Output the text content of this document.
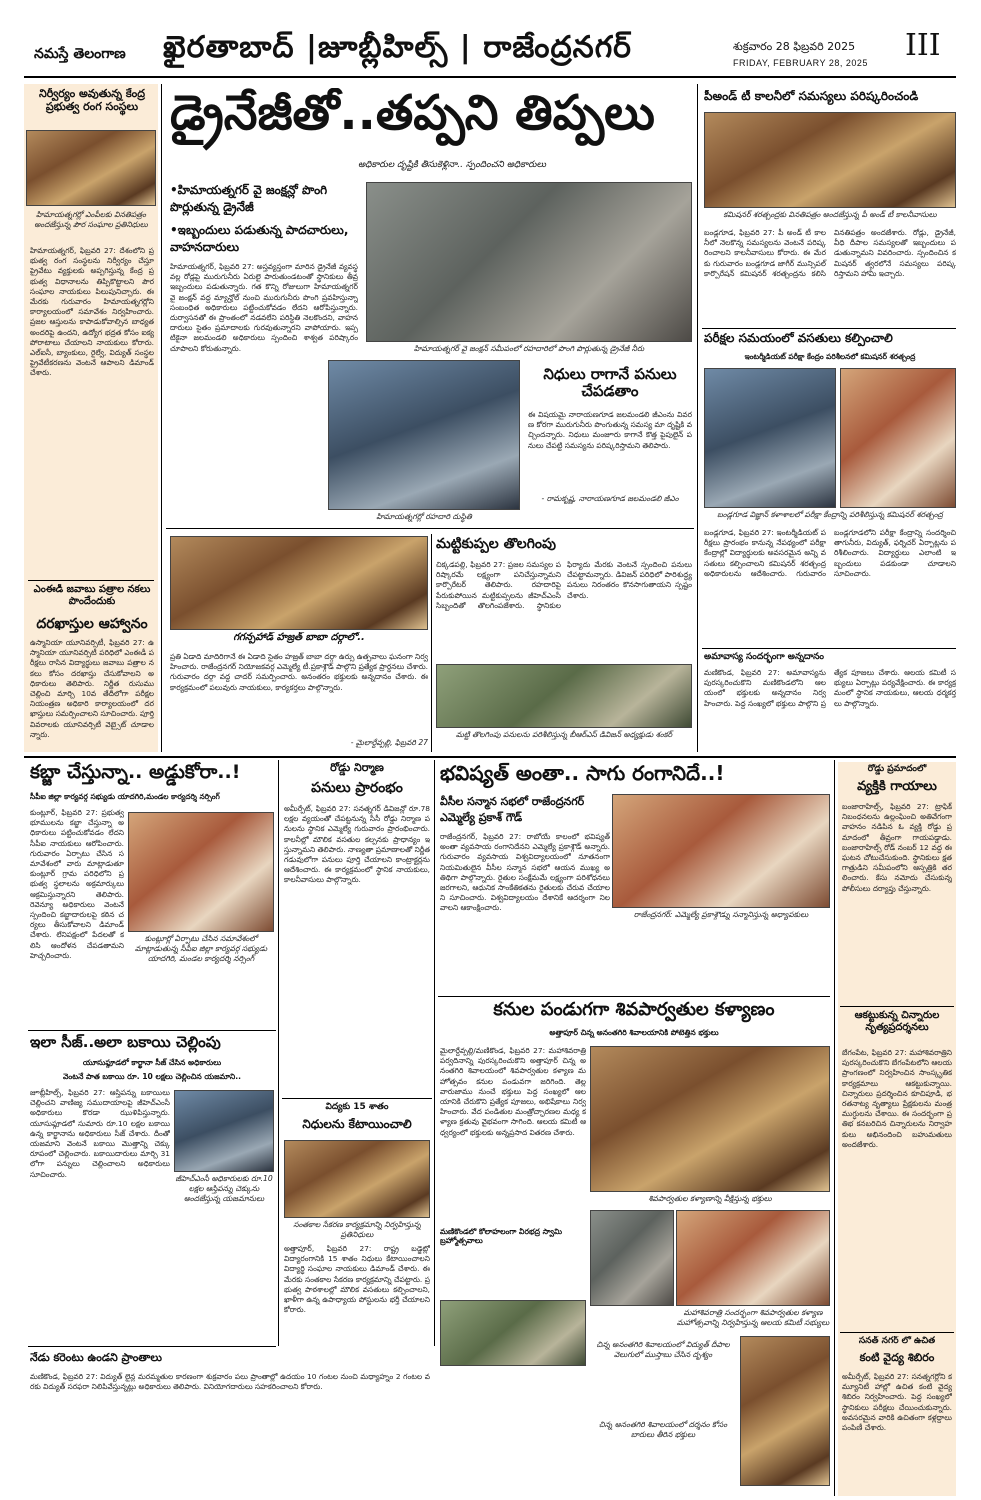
నమస్తే తెలంగాణ	ఖైరతాబాద్ |జూబ్లీహిల్స్ | రాజేంద్రనగర్	శుక్రవారం 28 ఫిబ్రవరి 2025
FRIDAY, FEBRUARY 28, 2025	III
నిర్వీర్యం అవుతున్న కేంద్ర ప్రభుత్వ రంగ సంస్థలు
హిమాయత్నగర్లో ఎంపీలకు వినతిపత్రం అందజేస్తున్న పౌర సంఘాల ప్రతినిధులు
హిమాయత్నగర్, ఫిబ్రవరి 27: దేశంలోని ప్రభుత్వ రంగ సంస్థలను నిర్వీర్యం చేస్తూ ప్రైవేటు వ్యక్తులకు అప్పగిస్తున్న కేంద్ర ప్రభుత్వ విధానాలను తిప్పికొట్టాలని పౌర సంఘాల నాయకులు పిలుపునిచ్చారు. ఈ మేరకు గురువారం హిమాయత్నగర్లోని కార్యాలయంలో సమావేశం నిర్వహించారు. ప్రజల ఆస్తులను కాపాడుకోవాల్సిన బాధ్యత అందరిపై ఉందని, ఉద్యోగ భద్రత కోసం ఐక్య పోరాటాలు చేయాలని నాయకులు కోరారు. ఎల్ఐసీ, బ్యాంకులు, రైల్వే, విద్యుత్ సంస్థల ప్రైవేటీకరణను వెంటనే ఆపాలని డిమాండ్ చేశారు.
ఎంఈడీ జవాబు పత్రాల నకలు పొందేందుకు
దరఖాస్తుల ఆహ్వానం
ఉస్మానియా యూనివర్సిటీ, ఫిబ్రవరి 27: ఉస్మానియా యూనివర్సిటీ పరిధిలో ఎంఈడీ పరీక్షలు రాసిన విద్యార్థులు జవాబు పత్రాల నకలు కోసం దరఖాస్తు చేసుకోవాలని అధికారులు తెలిపారు. నిర్ణీత రుసుము చెల్లించి మార్చి 10వ తేదీలోగా పరీక్షల నియంత్రణ అధికారి కార్యాలయంలో దరఖాస్తులు సమర్పించాలని సూచించారు. పూర్తి వివరాలకు యూనివర్సిటీ వెబ్సైట్ చూడాలన్నారు.
డ్రైనేజీతో..తప్పని తిప్పలు
అధికారుల దృష్టికి తీసుకెళ్లినా.. స్పందించని అధికారులు
•హిమాయత్నగర్ వై జంక్షన్లో పొంగి పొర్లుతున్న డ్రైనేజీ
•ఇబ్బందులు పడుతున్న పాదచారులు, వాహనదారులు
హిమాయత్నగర్, ఫిబ్రవరి 27: అస్తవ్యస్తంగా మారిన డ్రైనేజీ వ్యవస్థ వల్ల రోడ్లపై మురుగునీరు ఏరులై పారుతుండటంతో స్థానికులు తీవ్ర ఇబ్బందులు పడుతున్నారు. గత కొన్ని రోజులుగా హిమాయత్నగర్ వై జంక్షన్ వద్ద మ్యాన్హోల్ నుంచి మురుగునీరు పొంగి ప్రవహిస్తున్నా సంబంధిత అధికారులు పట్టించుకోవడం లేదని ఆరోపిస్తున్నారు. దుర్వాసనతో ఈ ప్రాంతంలో నడవలేని పరిస్థితి నెలకొందని, వాహనదారులు సైతం ప్రమాదాలకు గురవుతున్నారని వాపోయారు. ఇప్పటికైనా జలమండలి అధికారులు స్పందించి శాశ్వత పరిష్కారం చూపాలని కోరుతున్నారు.	హిమాయత్నగర్ వై జంక్షన్ సమీపంలో రహదారిలో పొంగి పొర్లుతున్న డ్రైనేజీ నీరు
హిమాయత్నగర్లో రహదారి దుస్థితి
నిధులు రాగానే పనులు చేపడతాం
ఈ విషయమై నారాయణగూడ జలమండలి జీఎంను వివరణ కోరగా మురుగునీరు పొంగుతున్న సమస్య మా దృష్టికి వచ్చిందన్నారు. నిధులు మంజూరు కాగానే కొత్త పైపులైన్ పనులు చేపట్టి సమస్యను పరిష్కరిస్తామని తెలిపారు.
- రామకృష్ణ, నారాయణగూడ జలమండలి జీఎం
పీఅండ్ టీ కాలనీలో సమస్యలు పరిష్కరించండి
కమిషనర్ శరత్చంద్రకు వినతిపత్రం అందజేస్తున్న పీ అండ్ టీ కాలనీవాసులు
బండ్లగూడ, ఫిబ్రవరి 27: పీ అండ్ టీ కాలనీలో నెలకొన్న సమస్యలను వెంటనే పరిష్కరించాలని కాలనీవాసులు కోరారు. ఈ మేరకు గురువారం బండ్లగూడ జాగీర్ మున్సిపల్ కార్పొరేషన్ కమిషనర్ శరత్చంద్రను కలిసి వినతిపత్రం అందజేశారు. రోడ్లు, డ్రైనేజీ, వీధి దీపాల సమస్యలతో ఇబ్బందులు పడుతున్నామని వివరించారు. స్పందించిన కమిషనర్ త్వరలోనే సమస్యలు పరిష్కరిస్తామని హామీ ఇచ్చారు.
పరీక్షల సమయంలో వసతులు కల్పించాలి
ఇంటర్మీడియట్ పరీక్షా కేంద్రం పరిశీలనలో కమిషనర్ శరత్చంద్ర
బండ్లగూడ విజ్ఞాన్ కళాశాలలో పరీక్షా కేంద్రాన్ని పరిశీలిస్తున్న కమిషనర్ శరత్చంద్ర
బండ్లగూడ, ఫిబ్రవరి 27: ఇంటర్మీడియట్ పరీక్షలు ప్రారంభం కానున్న నేపథ్యంలో పరీక్షా కేంద్రాల్లో విద్యార్థులకు అవసరమైన అన్ని వసతులు కల్పించాలని కమిషనర్ శరత్చంద్ర అధికారులను ఆదేశించారు. గురువారం బండ్లగూడలోని పరీక్షా కేంద్రాన్ని సందర్శించి తాగునీరు, విద్యుత్, ఫర్నిచర్ ఏర్పాట్లను పరిశీలించారు. విద్యార్థులు ఎలాంటి ఇబ్బందులు పడకుండా చూడాలని సూచించారు.
అమావాస్య సందర్భంగా అన్నదానం
మణికొండ, ఫిబ్రవరి 27: అమావాస్యను పురస్కరించుకొని మణికొండలోని ఆలయంలో భక్తులకు అన్నదానం నిర్వహించారు. పెద్ద సంఖ్యలో భక్తులు పాల్గొని ప్రత్యేక పూజలు చేశారు. ఆలయ కమిటీ సభ్యులు ఏర్పాట్లు పర్యవేక్షించారు. ఈ కార్యక్రమంలో స్థానిక నాయకులు, ఆలయ ధర్మకర్తలు పాల్గొన్నారు.
గగన్పహాడ్ హజ్రత్ బాబా దర్గాలో..
ప్రతి ఏడాది మాదిరిగానే ఈ ఏడాది సైతం హజ్రత్ బాబా దర్గా ఉర్సు ఉత్సవాలు ఘనంగా నిర్వహించారు. రాజేంద్రనగర్ నియోజకవర్గ ఎమ్మెల్యే టీ.ప్రకాశ్గౌడ్ పాల్గొని ప్రత్యేక ప్రార్థనలు చేశారు. గురువారం దర్గా వద్ద చాదర్ సమర్పించారు. అనంతరం భక్తులకు అన్నదానం చేశారు. ఈ కార్యక్రమంలో పలువురు నాయకులు, కార్యకర్తలు పాల్గొన్నారు.
- మైలార్దేవ్పల్లి, ఫిబ్రవరి 27
మట్టికుప్పల తొలగింపు
చిక్కడపల్లి, ఫిబ్రవరి 27: ప్రజల సమస్యల పరిష్కారమే లక్ష్యంగా పనిచేస్తున్నామని కార్పొరేటర్ తెలిపారు. రహదారిపై పేరుకుపోయిన మట్టికుప్పలను జీహెచ్ఎంసీ సిబ్బందితో తొలగింపజేశారు. స్థానికుల ఫిర్యాదు మేరకు వెంటనే స్పందించి పనులు చేపట్టామన్నారు. డివిజన్ పరిధిలో పారిశుద్ధ్య పనులు నిరంతరం కొనసాగుతాయని స్పష్టం చేశారు.
మట్టి తొలగింపు పనులను పరిశీలిస్తున్న బీఆర్ఎస్ డివిజన్ అధ్యక్షుడు శంకర్
కబ్జా చేస్తున్నా.. అడ్డుకోరా..!
సీపీఐ జిల్లా కార్యవర్గ సభ్యుడు యాదగిరి,మండల కార్యదర్శి నర్సింగ్
కుంట్లూర్, ఫిబ్రవరి 27: ప్రభుత్వ భూములను కబ్జా చేస్తున్నా అధికారులు పట్టించుకోవడం లేదని సీపీఐ నాయకులు ఆరోపించారు. గురువారం ఏర్పాటు చేసిన సమావేశంలో వారు మాట్లాడుతూ కుంట్లూర్ గ్రామ పరిధిలోని ప్రభుత్వ స్థలాలను అక్రమార్కులు ఆక్రమిస్తున్నారని తెలిపారు. రెవెన్యూ అధికారులు వెంటనే స్పందించి కబ్జాదారులపై కఠిన చర్యలు తీసుకోవాలని డిమాండ్ చేశారు. లేనిపక్షంలో పేదలతో కలిసి ఆందోళన చేపడతామని హెచ్చరించారు.
కుంట్లూర్లో ఏర్పాటు చేసిన సమావేశంలో మాట్లాడుతున్న సీపీఐ జిల్లా కార్యవర్గ సభ్యుడు యాదగిరి, మండల కార్యదర్శి నర్సింగ్
ఇలా సీజ్..అలా బకాయి చెల్లింపు
యూసుఫ్గూడలో కార్ఖానా సీజ్ చేసిన అధికారులు
వెంటనే పాత బకాయి రూ. 10 లక్షలు చెల్లించిన యజమాని..
జూబ్లీహిల్స్, ఫిబ్రవరి 27: ఆస్తిపన్ను బకాయిలు చెల్లించని వాణిజ్య సముదాయాలపై జీహెచ్ఎంసీ అధికారులు కొరడా ఝుళిపిస్తున్నారు. యూసుఫ్గూడలో సుమారు రూ.10 లక్షల బకాయి ఉన్న కార్ఖానాను అధికారులు సీజ్ చేశారు. దీంతో యజమాని వెంటనే బకాయి మొత్తాన్ని చెక్కు రూపంలో చెల్లించారు. బకాయిదారులు మార్చి 31లోగా పన్నులు చెల్లించాలని అధికారులు సూచించారు.	జీహెచ్ఎంసీ అధికారులకు రూ.10 లక్షల ఆస్తిపన్ను చెక్కును అందజేస్తున్న యజమానులు
నేడు కరెంటు ఉండని ప్రాంతాలు
మణికొండ, ఫిబ్రవరి 27: విద్యుత్ లైన్ల మరమ్మతుల కారణంగా శుక్రవారం పలు ప్రాంతాల్లో ఉదయం 10 గంటల నుంచి మధ్యాహ్నం 2 గంటల వరకు విద్యుత్ సరఫరా నిలిపివేస్తున్నట్లు అధికారులు తెలిపారు. వినియోగదారులు సహకరించాలని కోరారు.
రోడ్డు నిర్మాణ
పనులు ప్రారంభం
అమీర్పేట్, ఫిబ్రవరి 27: సనత్నగర్ డివిజన్లో రూ.78 లక్షల వ్యయంతో చేపట్టనున్న సీసీ రోడ్డు నిర్మాణ పనులను స్థానిక ఎమ్మెల్యే గురువారం ప్రారంభించారు. కాలనీల్లో మౌలిక వసతుల కల్పనకు ప్రాధాన్యం ఇస్తున్నామని తెలిపారు. నాణ్యతా ప్రమాణాలతో నిర్ణీత గడువులోగా పనులు పూర్తి చేయాలని కాంట్రాక్టర్లను ఆదేశించారు. ఈ కార్యక్రమంలో స్థానిక నాయకులు, కాలనీవాసులు పాల్గొన్నారు.
విద్యకు 15 శాతం
నిధులను కేటాయించాలి
సంతకాల సేకరణ కార్యక్రమాన్ని నిర్వహిస్తున్న ప్రతినిధులు
అత్తాపూర్, ఫిబ్రవరి 27: రాష్ట్ర బడ్జెట్లో విద్యారంగానికి 15 శాతం నిధులు కేటాయించాలని విద్యార్థి సంఘాల నాయకులు డిమాండ్ చేశారు. ఈ మేరకు సంతకాల సేకరణ కార్యక్రమాన్ని చేపట్టారు. ప్రభుత్వ పాఠశాలల్లో మౌలిక వసతులు కల్పించాలని, ఖాళీగా ఉన్న ఉపాధ్యాయ పోస్టులను భర్తీ చేయాలని కోరారు.
భవిష్యత్ అంతా.. సాగు రంగానిదే..!
వీసీల సన్మాన సభలో రాజేంద్రనగర్ ఎమ్మెల్యే ప్రకాశ్ గౌడ్
రాజేంద్రనగర్, ఫిబ్రవరి 27: రాబోయే కాలంలో భవిష్యత్ అంతా వ్యవసాయ రంగానిదేనని ఎమ్మెల్యే ప్రకాశ్గౌడ్ అన్నారు. గురువారం వ్యవసాయ విశ్వవిద్యాలయంలో నూతనంగా నియమితులైన వీసీల సన్మాన సభలో ఆయన ముఖ్య అతిథిగా పాల్గొన్నారు. రైతుల సంక్షేమమే లక్ష్యంగా పరిశోధనలు జరగాలని, ఆధునిక సాంకేతికతను రైతులకు చేరువ చేయాలని సూచించారు. విశ్వవిద్యాలయం దేశానికే ఆదర్శంగా నిలవాలని ఆకాంక్షించారు.
రాజేంద్రనగర్: ఎమ్మెల్యే ప్రకాశ్గౌడ్ను సన్మానిస్తున్న అధ్యాపకులు
కనుల పండుగగా శివపార్వతుల కళ్యాణం
అత్తాపూర్ చిన్న అనంతగిరి శివాలయానికి పోటెత్తిన భక్తులు
మైలార్దేవ్పల్లి/మణికొండ, ఫిబ్రవరి 27: మహాశివరాత్రి పర్వదినాన్ని పురస్కరించుకొని అత్తాపూర్ చిన్న అనంతగిరి శివాలయంలో శివపార్వతుల కళ్యాణ మహోత్సవం కనుల పండువగా జరిగింది. తెల్లవారుజాము నుంచే భక్తులు పెద్ద సంఖ్యలో ఆలయానికి చేరుకొని ప్రత్యేక పూజలు, అభిషేకాలు నిర్వహించారు. వేద పండితుల మంత్రోచ్ఛారణల మధ్య కళ్యాణ క్రతువు వైభవంగా సాగింది. ఆలయ కమిటీ ఆధ్వర్యంలో భక్తులకు అన్నప్రసాద వితరణ చేశారు.
శివపార్వతుల కళ్యాణాన్ని వీక్షిస్తున్న భక్తులు
మణికొండలో కోలాహలంగా వీరభద్ర స్వామి బ్రహ్మోత్సవాలు
మహాశివరాత్రి సందర్భంగా శివపార్వతుల కళ్యాణ మహోత్సవాన్ని నిర్వహిస్తున్న ఆలయ కమిటీ సభ్యులు
చిన్న అనంతగిరి శివాలయంలో విద్యుత్ దీపాల వెలుగులో ముస్తాబు చేసిన దృశ్యం
చిన్న అనంతగిరి శివాలయంలో దర్శనం కోసం బారులు తీరిన భక్తులు
రోడ్డు ప్రమాదంలో
వ్యక్తికి గాయాలు
బంజారాహిల్స్, ఫిబ్రవరి 27: ట్రాఫిక్ నిబంధనలను ఉల్లంఘించి అతివేగంగా వాహనం నడిపిన ఓ వ్యక్తి రోడ్డు ప్రమాదంలో తీవ్రంగా గాయపడ్డాడు. బంజారాహిల్స్ రోడ్ నంబర్ 12 వద్ద ఈ ఘటన చోటుచేసుకుంది. స్థానికులు క్షతగాత్రుడిని సమీపంలోని ఆస్పత్రికి తరలించారు. కేసు నమోదు చేసుకున్న పోలీసులు దర్యాప్తు చేస్తున్నారు.
ఆకట్టుకున్న చిన్నారుల నృత్యప్రదర్శనలు
బేగంపేట, ఫిబ్రవరి 27: మహాశివరాత్రిని పురస్కరించుకొని బేగంపేటలోని ఆలయ ప్రాంగణంలో నిర్వహించిన సాంస్కృతిక కార్యక్రమాలు ఆకట్టుకున్నాయి. చిన్నారులు ప్రదర్శించిన కూచిపూడి, భరతనాట్య నృత్యాలు ప్రేక్షకులను మంత్రముగ్ధులను చేశాయి. ఈ సందర్భంగా ప్రతిభ కనబరిచిన చిన్నారులను నిర్వాహకులు అభినందించి బహుమతులు అందజేశారు.
సనత్ నగర్ లో ఉచిత
కంటి వైద్య శిబిరం
అమీర్పేట్, ఫిబ్రవరి 27: సనత్నగర్లోని కమ్యూనిటీ హాల్లో ఉచిత కంటి వైద్య శిబిరం నిర్వహించారు. పెద్ద సంఖ్యలో స్థానికులు పరీక్షలు చేయించుకున్నారు. అవసరమైన వారికి ఉచితంగా కళ్లద్దాలు పంపిణీ చేశారు.
